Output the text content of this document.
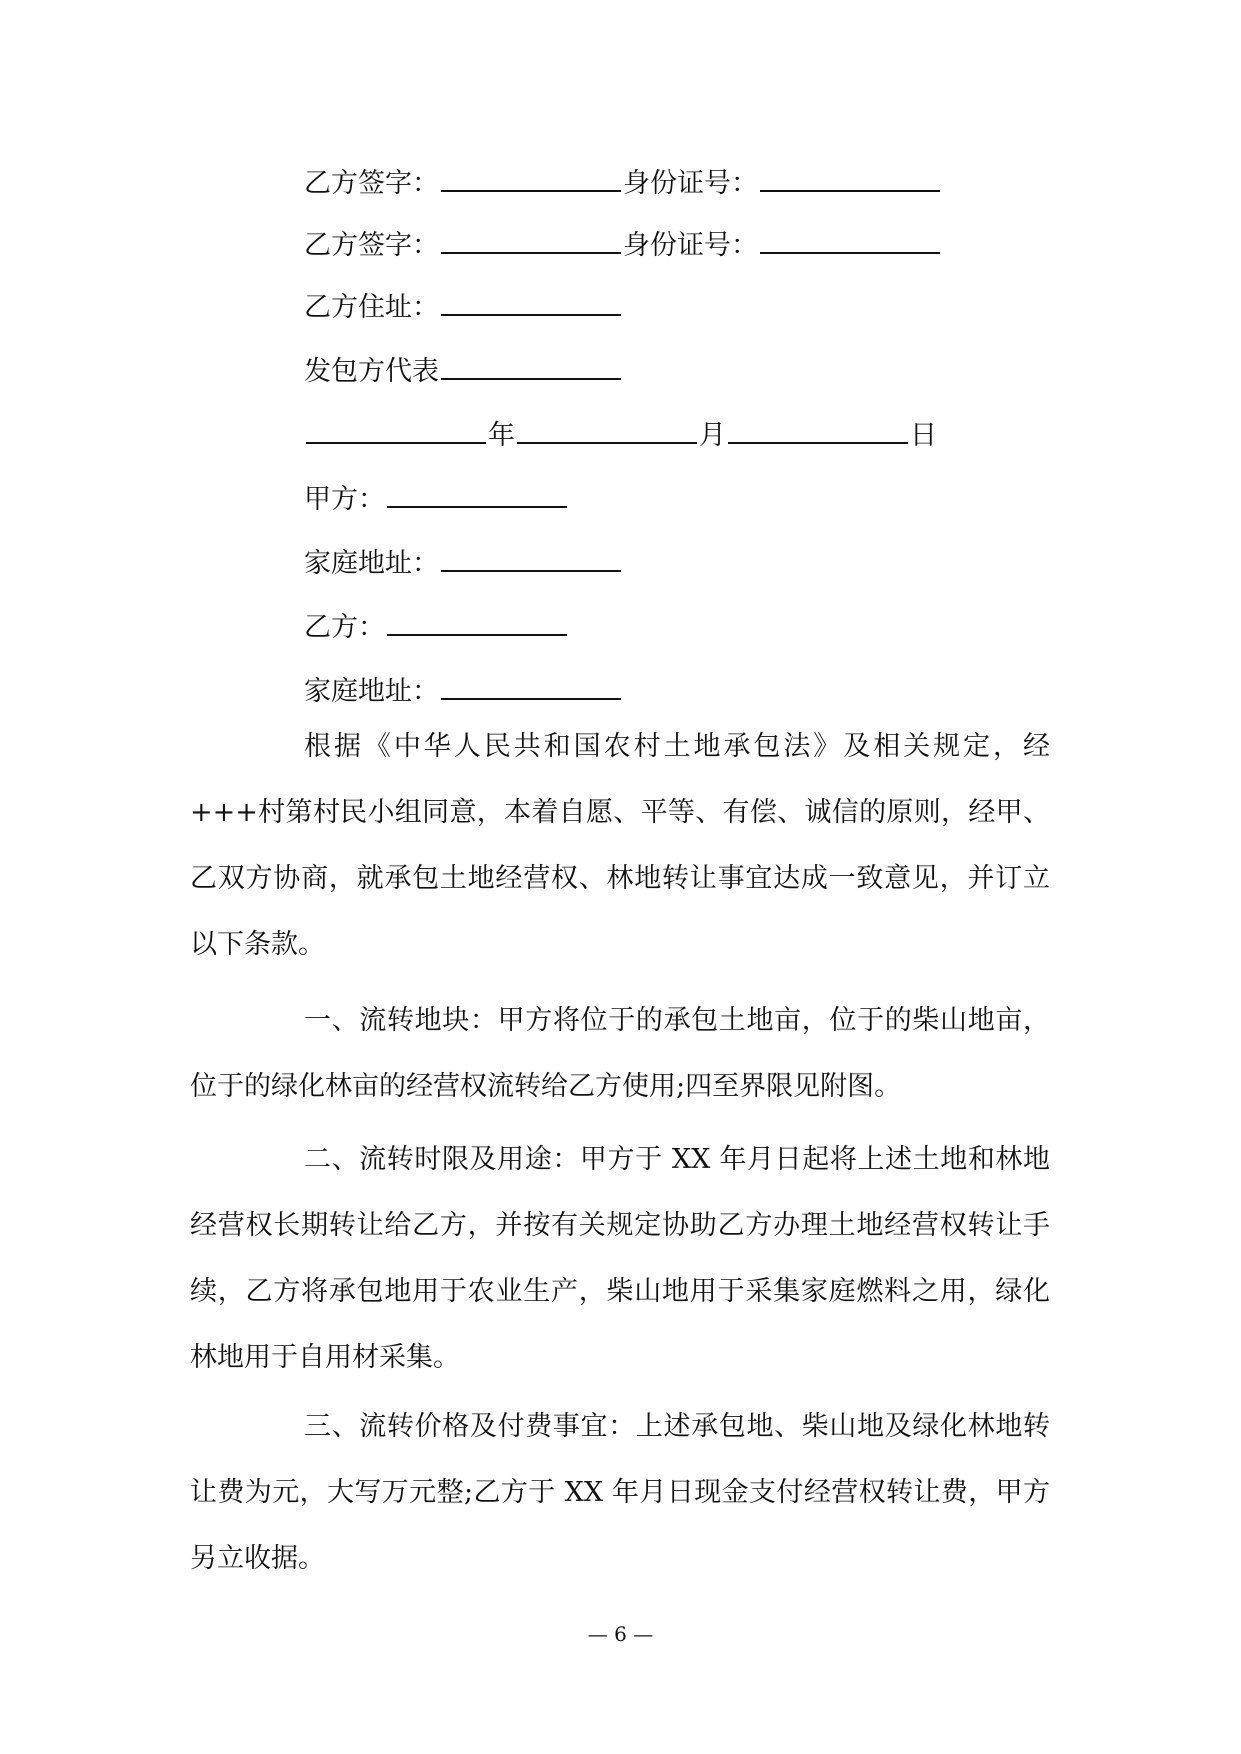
乙方签字：	身份证号：
乙方签字：	身份证号：
乙方住址：
发包方代表
年	月	日
甲方：
家庭地址：
乙方：
家庭地址：

根据《中华人民共和国农村土地承包法》及相关规定，经+++村第村民小组同意，本着自愿、平等、有偿、诚信的原则，经甲、乙双方协商，就承包土地经营权、林地转让事宜达成一致意见，并订立以下条款。

一、流转地块：甲方将位于的承包土地亩，位于的柴山地亩，位于的绿化林亩的经营权流转给乙方使用;四至界限见附图。

二、流转时限及用途：甲方于 XX 年月日起将上述土地和林地经营权长期转让给乙方，并按有关规定协助乙方办理土地经营权转让手续，乙方将承包地用于农业生产，柴山地用于采集家庭燃料之用，绿化林地用于自用材采集。

三、流转价格及付费事宜：上述承包地、柴山地及绿化林地转让费为元，大写万元整;乙方于 XX 年月日现金支付经营权转让费，甲方另立收据。

— 6 —
